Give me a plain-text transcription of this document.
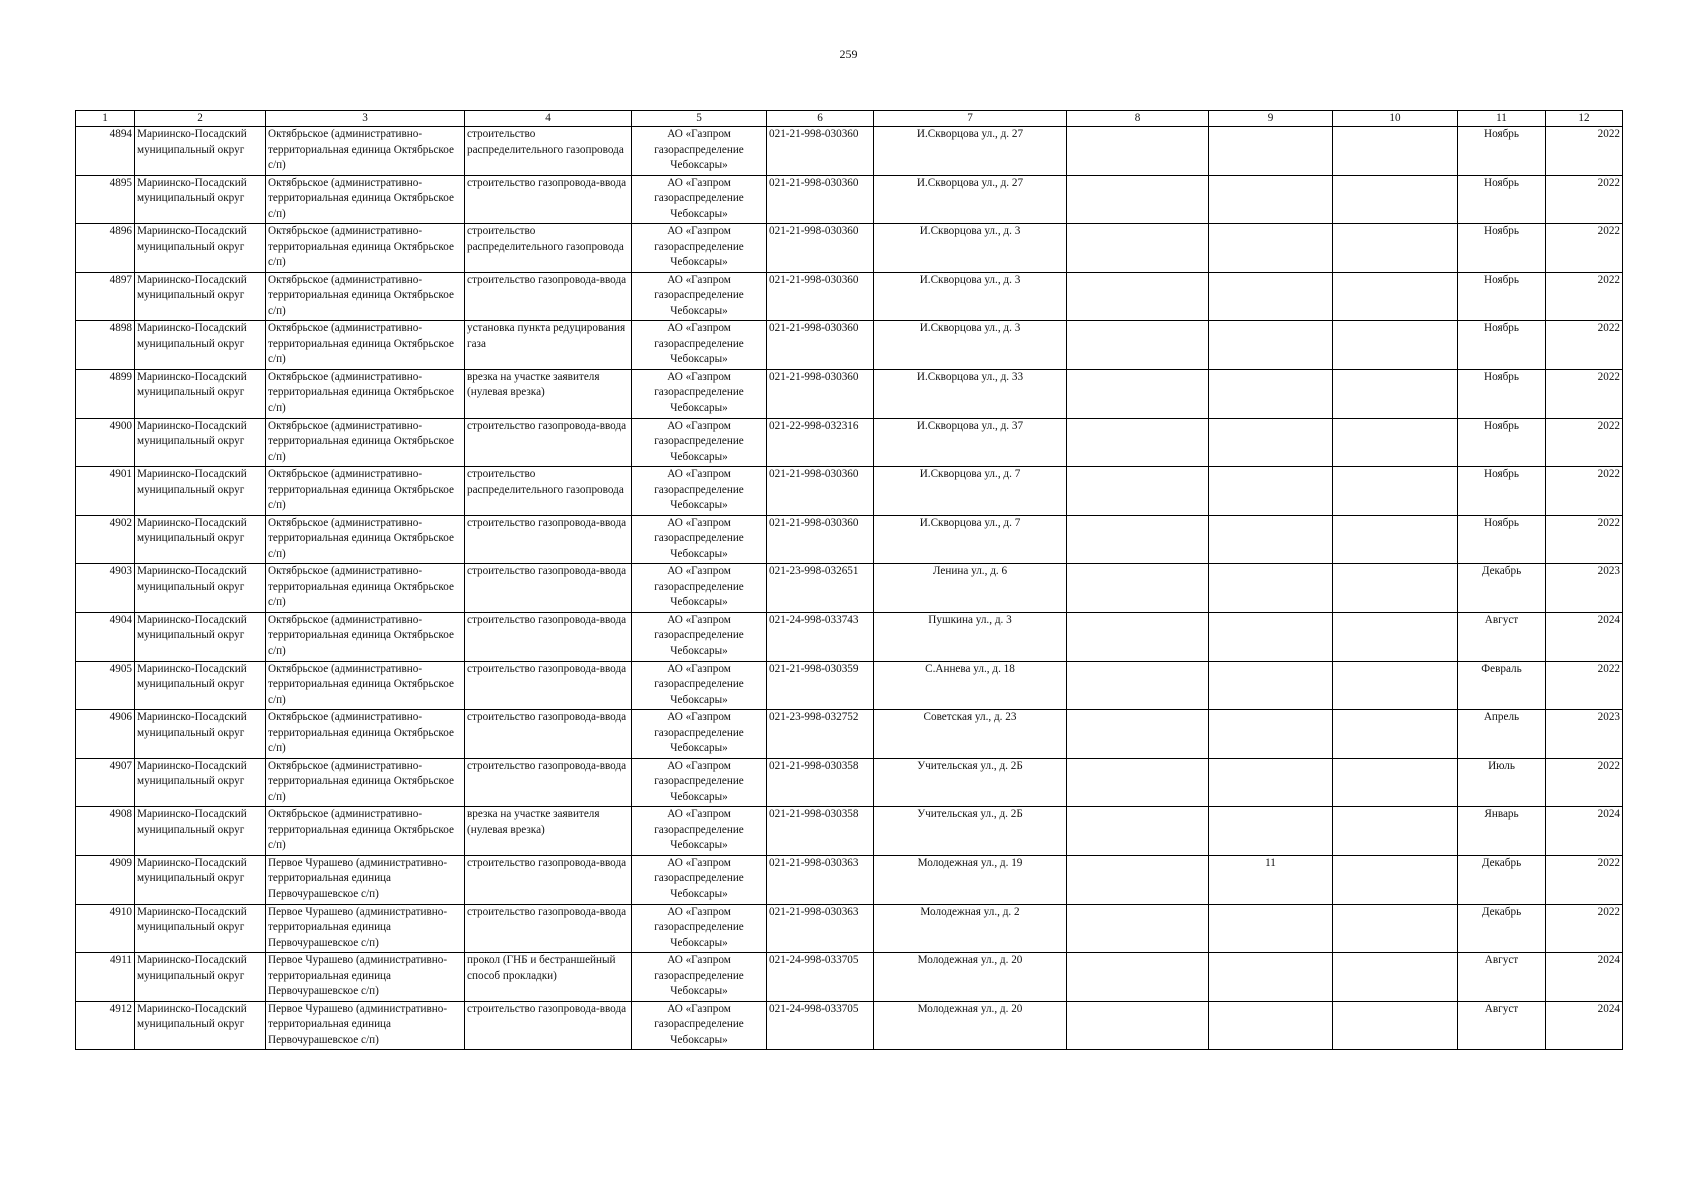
259
1	2	3	4	5	6	7	8	9	10	11	12
4894	Мариинско-Посадский муниципальный округ	Октябрьское (административно-территориальная единица Октябрьское с/п)	строительство распределительного газопровода	АО «Газпром газораспределение Чебоксары»	021-21-998-030360	И.Скворцова ул., д. 27				Ноябрь	2022
4895	Мариинско-Посадский муниципальный округ	Октябрьское (административно-территориальная единица Октябрьское с/п)	строительство газопровода-ввода	АО «Газпром газораспределение Чебоксары»	021-21-998-030360	И.Скворцова ул., д. 27				Ноябрь	2022
4896	Мариинско-Посадский муниципальный округ	Октябрьское (административно-территориальная единица Октябрьское с/п)	строительство распределительного газопровода	АО «Газпром газораспределение Чебоксары»	021-21-998-030360	И.Скворцова ул., д. 3				Ноябрь	2022
4897	Мариинско-Посадский муниципальный округ	Октябрьское (административно-территориальная единица Октябрьское с/п)	строительство газопровода-ввода	АО «Газпром газораспределение Чебоксары»	021-21-998-030360	И.Скворцова ул., д. 3				Ноябрь	2022
4898	Мариинско-Посадский муниципальный округ	Октябрьское (административно-территориальная единица Октябрьское с/п)	установка пункта редуцирования газа	АО «Газпром газораспределение Чебоксары»	021-21-998-030360	И.Скворцова ул., д. 3				Ноябрь	2022
4899	Мариинско-Посадский муниципальный округ	Октябрьское (административно-территориальная единица Октябрьское с/п)	врезка на участке заявителя (нулевая врезка)	АО «Газпром газораспределение Чебоксары»	021-21-998-030360	И.Скворцова ул., д. 33				Ноябрь	2022
4900	Мариинско-Посадский муниципальный округ	Октябрьское (административно-территориальная единица Октябрьское с/п)	строительство газопровода-ввода	АО «Газпром газораспределение Чебоксары»	021-22-998-032316	И.Скворцова ул., д. 37				Ноябрь	2022
4901	Мариинско-Посадский муниципальный округ	Октябрьское (административно-территориальная единица Октябрьское с/п)	строительство распределительного газопровода	АО «Газпром газораспределение Чебоксары»	021-21-998-030360	И.Скворцова ул., д. 7				Ноябрь	2022
4902	Мариинско-Посадский муниципальный округ	Октябрьское (административно-территориальная единица Октябрьское с/п)	строительство газопровода-ввода	АО «Газпром газораспределение Чебоксары»	021-21-998-030360	И.Скворцова ул., д. 7				Ноябрь	2022
4903	Мариинско-Посадский муниципальный округ	Октябрьское (административно-территориальная единица Октябрьское с/п)	строительство газопровода-ввода	АО «Газпром газораспределение Чебоксары»	021-23-998-032651	Ленина ул., д. 6				Декабрь	2023
4904	Мариинско-Посадский муниципальный округ	Октябрьское (административно-территориальная единица Октябрьское с/п)	строительство газопровода-ввода	АО «Газпром газораспределение Чебоксары»	021-24-998-033743	Пушкина ул., д. 3				Август	2024
4905	Мариинско-Посадский муниципальный округ	Октябрьское (административно-территориальная единица Октябрьское с/п)	строительство газопровода-ввода	АО «Газпром газораспределение Чебоксары»	021-21-998-030359	С.Аннева ул., д. 18				Февраль	2022
4906	Мариинско-Посадский муниципальный округ	Октябрьское (административно-территориальная единица Октябрьское с/п)	строительство газопровода-ввода	АО «Газпром газораспределение Чебоксары»	021-23-998-032752	Советская ул., д. 23				Апрель	2023
4907	Мариинско-Посадский муниципальный округ	Октябрьское (административно-территориальная единица Октябрьское с/п)	строительство газопровода-ввода	АО «Газпром газораспределение Чебоксары»	021-21-998-030358	Учительская ул., д. 2Б				Июль	2022
4908	Мариинско-Посадский муниципальный округ	Октябрьское (административно-территориальная единица Октябрьское с/п)	врезка на участке заявителя (нулевая врезка)	АО «Газпром газораспределение Чебоксары»	021-21-998-030358	Учительская ул., д. 2Б				Январь	2024
4909	Мариинско-Посадский муниципальный округ	Первое Чурашево (административно-территориальная единица Первочурашевское с/п)	строительство газопровода-ввода	АО «Газпром газораспределение Чебоксары»	021-21-998-030363	Молодежная ул., д. 19		11		Декабрь	2022
4910	Мариинско-Посадский муниципальный округ	Первое Чурашево (административно-территориальная единица Первочурашевское с/п)	строительство газопровода-ввода	АО «Газпром газораспределение Чебоксары»	021-21-998-030363	Молодежная ул., д. 2				Декабрь	2022
4911	Мариинско-Посадский муниципальный округ	Первое Чурашево (административно-территориальная единица Первочурашевское с/п)	прокол (ГНБ и бестраншейный способ прокладки)	АО «Газпром газораспределение Чебоксары»	021-24-998-033705	Молодежная ул., д. 20				Август	2024
4912	Мариинско-Посадский муниципальный округ	Первое Чурашево (административно-территориальная единица Первочурашевское с/п)	строительство газопровода-ввода	АО «Газпром газораспределение Чебоксары»	021-24-998-033705	Молодежная ул., д. 20				Август	2024
